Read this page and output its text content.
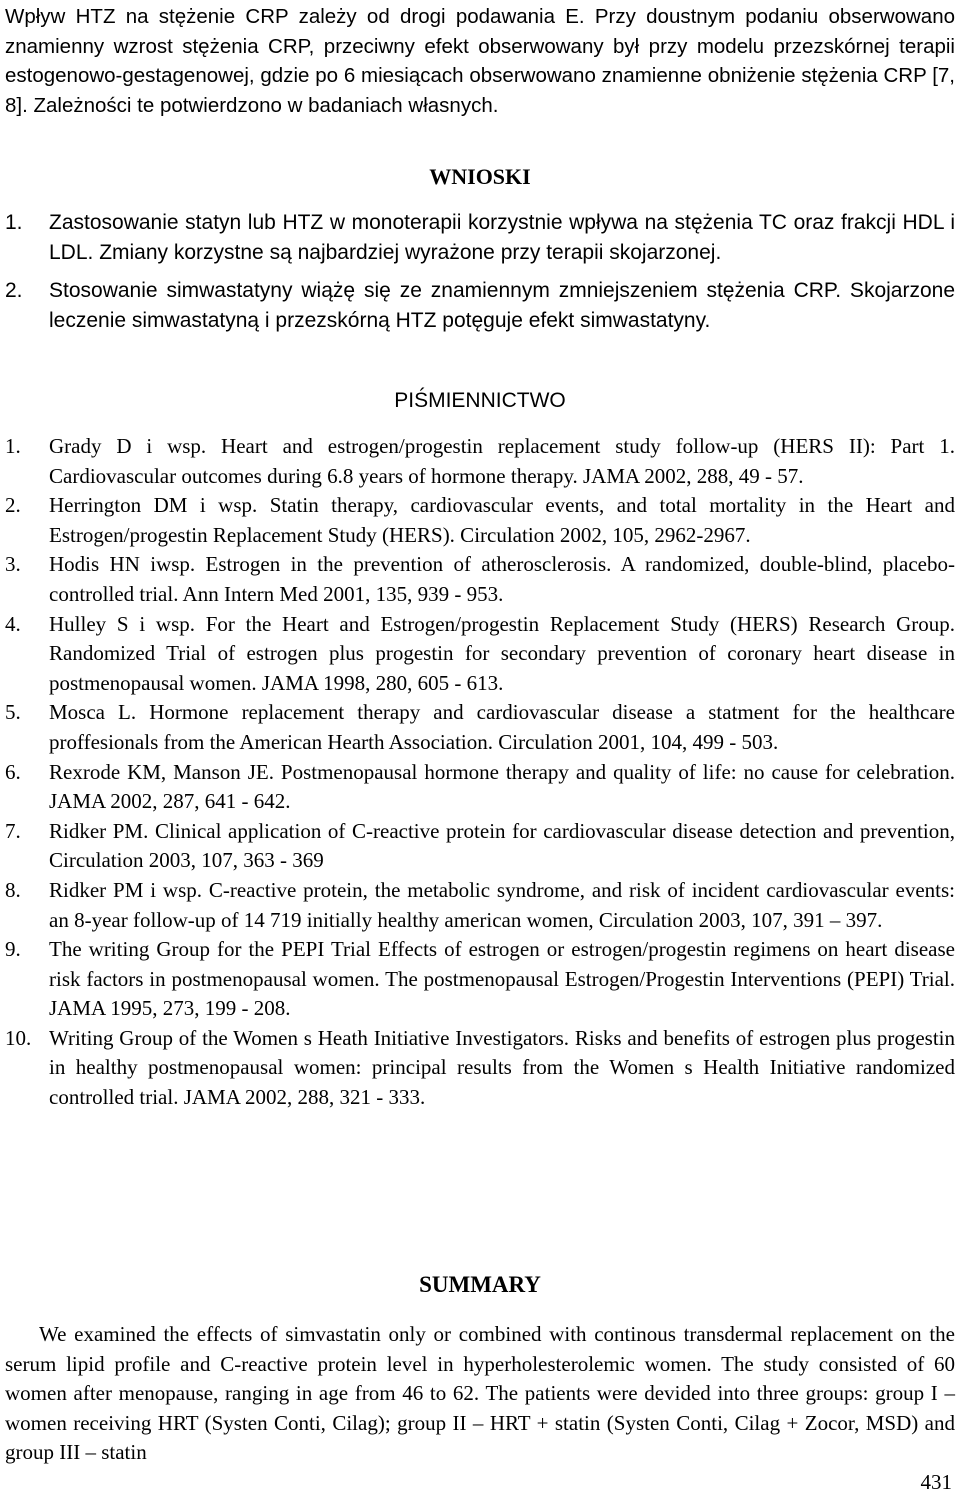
Wpływ HTZ na stężenie CRP zależy od drogi podawania E. Przy doustnym podaniu obserwowano znamienny wzrost stężenia CRP, przeciwny efekt obserwowany był przy modelu przezskórnej terapii estogenowo-gestagenowej, gdzie po 6 miesiącach obserwowano znamienne obniżenie stężenia CRP [7, 8]. Zależności te potwierdzono w badaniach własnych.

WNIOSKI
1. Zastosowanie statyn lub HTZ w monoterapii korzystnie wpływa na stężenia TC oraz frakcji HDL i LDL. Zmiany korzystne są najbardziej wyrażone przy terapii skojarzonej.
2. Stosowanie simwastatyny wiążę się ze znamiennym zmniejszeniem stężenia CRP. Skojarzone leczenie simwastatyną i przezskórną HTZ potęguje efekt simwastatyny.
PIŚMIENNICTWO
1. Grady D i wsp. Heart and estrogen/progestin replacement study follow-up (HERS II): Part 1. Cardiovascular outcomes during 6.8 years of hormone therapy. JAMA 2002, 288, 49 - 57.
2. Herrington DM i wsp. Statin therapy, cardiovascular events, and total mortality in the Heart and Estrogen/progestin Replacement Study (HERS). Circulation 2002, 105, 2962-2967.
3. Hodis HN iwsp. Estrogen in the prevention of atherosclerosis. A randomized, double-blind, placebo-controlled trial. Ann Intern Med 2001, 135, 939 - 953.
4. Hulley S i wsp. For the Heart and Estrogen/progestin Replacement Study (HERS) Research Group. Randomized Trial of estrogen plus progestin for secondary prevention of coronary heart disease in postmenopausal women. JAMA 1998, 280, 605 - 613.
5. Mosca L. Hormone replacement therapy and cardiovascular disease a statment for the healthcare proffesionals from the American Hearth Association. Circulation 2001, 104, 499 - 503.
6. Rexrode KM, Manson JE. Postmenopausal hormone therapy and quality of life: no cause for celebration. JAMA 2002, 287, 641 - 642.
7. Ridker PM. Clinical application of C-reactive protein for cardiovascular disease detection and prevention, Circulation 2003, 107, 363 - 369
8. Ridker PM i wsp. C-reactive protein, the metabolic syndrome, and risk of incident cardiovascular events: an 8-year follow-up of 14 719 initially healthy american women, Circulation 2003, 107, 391 – 397.
9. The writing Group for the PEPI Trial Effects of estrogen or estrogen/progestin regimens on heart disease risk factors in postmenopausal women. The postmenopausal Estrogen/Progestin Interventions (PEPI) Trial. JAMA 1995, 273, 199 - 208.
10. Writing Group of the Women s Heath Initiative Investigators. Risks and benefits of estrogen plus progestin in healthy postmenopausal women: principal results from the Women s Health Initiative randomized controlled trial. JAMA 2002, 288, 321 - 333.
SUMMARY

We examined the effects of simvastatin only or combined with continous transdermal replacement on the serum lipid profile and C-reactive protein level in hyperholesterolemic women. The study consisted of 60 women after menopause, ranging in age from 46 to 62. The patients were devided into three groups: group I – women receiving HRT (Systen Conti, Cilag); group II – HRT + statin (Systen Conti, Cilag + Zocor, MSD) and group III – statin

431
